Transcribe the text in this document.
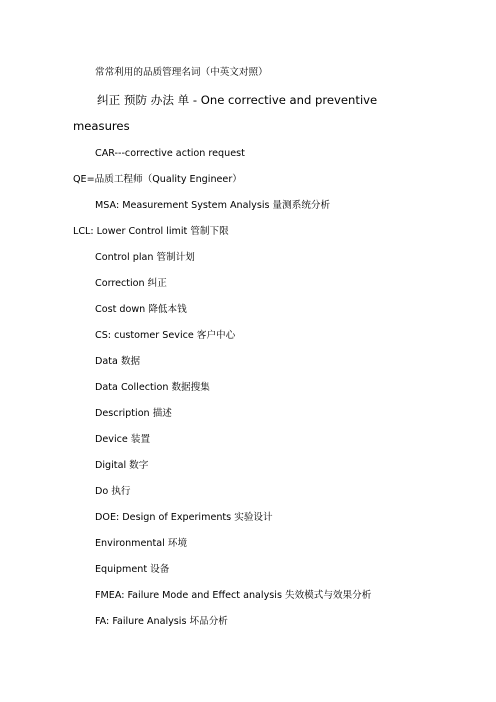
常常利用的品质管理名词（中英文对照）
纠正 预防 办法 单 - One corrective and preventive
measures
CAR---corrective action request
QE=品质工程师（Quality Engineer）
MSA: Measurement System Analysis 量测系统分析
LCL: Lower Control limit 管制下限
Control plan 管制计划
Correction 纠正
Cost down 降低本钱
CS: customer Sevice 客户中心
Data 数据
Data Collection 数据搜集
Description 描述
Device 装置
Digital 数字
Do 执行
DOE: Design of Experiments 实验设计
Environmental 环境
Equipment 设备
FMEA: Failure Mode and Effect analysis 失效模式与效果分析
FA: Failure Analysis 坏品分析
